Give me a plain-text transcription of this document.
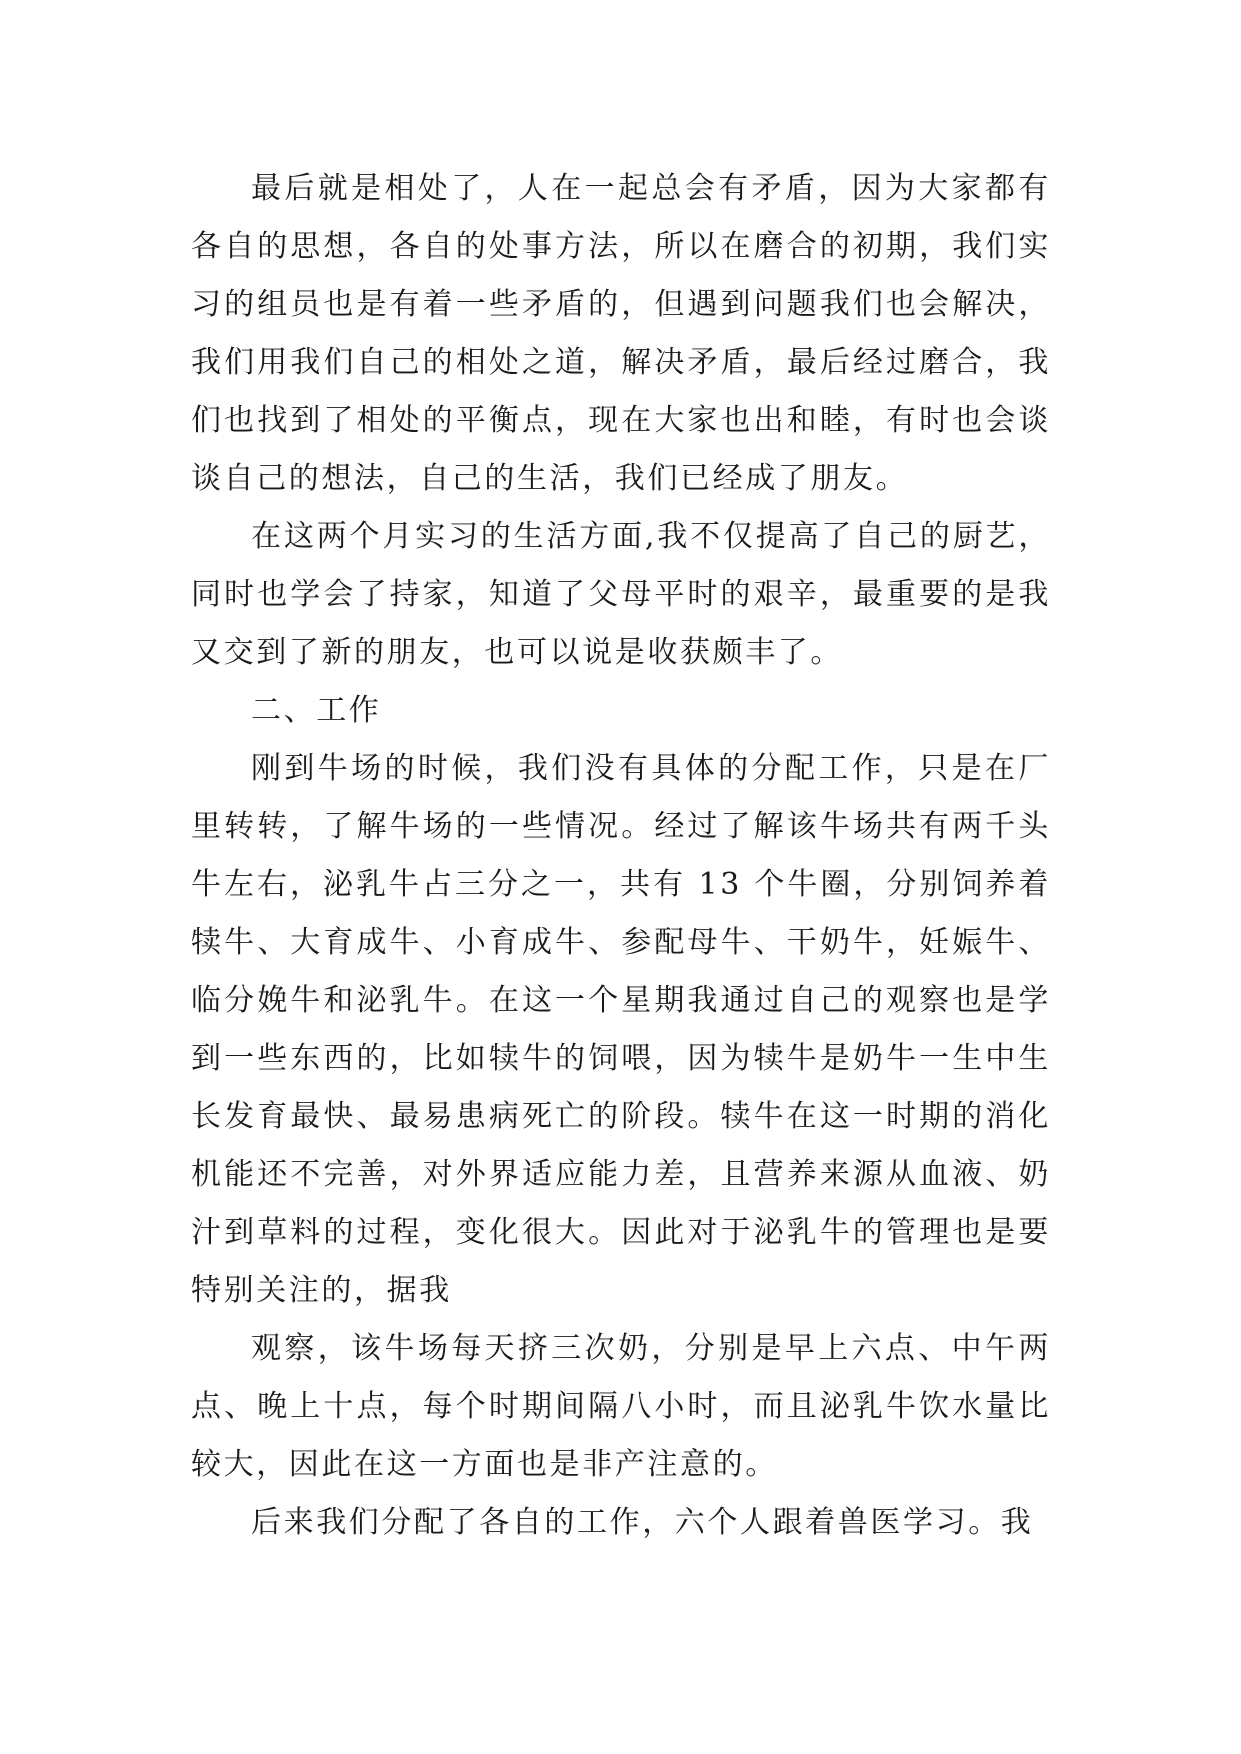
最后就是相处了，人在一起总会有矛盾，因为大家都有各自的思想，各自的处事方法，所以在磨合的初期，我们实习的组员也是有着一些矛盾的，但遇到问题我们也会解决，我们用我们自己的相处之道，解决矛盾，最后经过磨合，我们也找到了相处的平衡点，现在大家也出和睦，有时也会谈谈自己的想法，自己的生活，我们已经成了朋友。

在这两个月实习的生活方面,我不仅提高了自己的厨艺，同时也学会了持家，知道了父母平时的艰辛，最重要的是我又交到了新的朋友，也可以说是收获颇丰了。

二、工作

刚到牛场的时候，我们没有具体的分配工作，只是在厂里转转，了解牛场的一些情况。经过了解该牛场共有两千头牛左右，泌乳牛占三分之一，共有 13 个牛圈，分别饲养着犊牛、大育成牛、小育成牛、参配母牛、干奶牛，妊娠牛、临分娩牛和泌乳牛。在这一个星期我通过自己的观察也是学到一些东西的，比如犊牛的饲喂，因为犊牛是奶牛一生中生长发育最快、最易患病死亡的阶段。犊牛在这一时期的消化机能还不完善，对外界适应能力差，且营养来源从血液、奶汁到草料的过程，变化很大。因此对于泌乳牛的管理也是要特别关注的，据我

观察，该牛场每天挤三次奶，分别是早上六点、中午两点、晚上十点，每个时期间隔八小时，而且泌乳牛饮水量比较大，因此在这一方面也是非产注意的。

后来我们分配了各自的工作，六个人跟着兽医学习。我
